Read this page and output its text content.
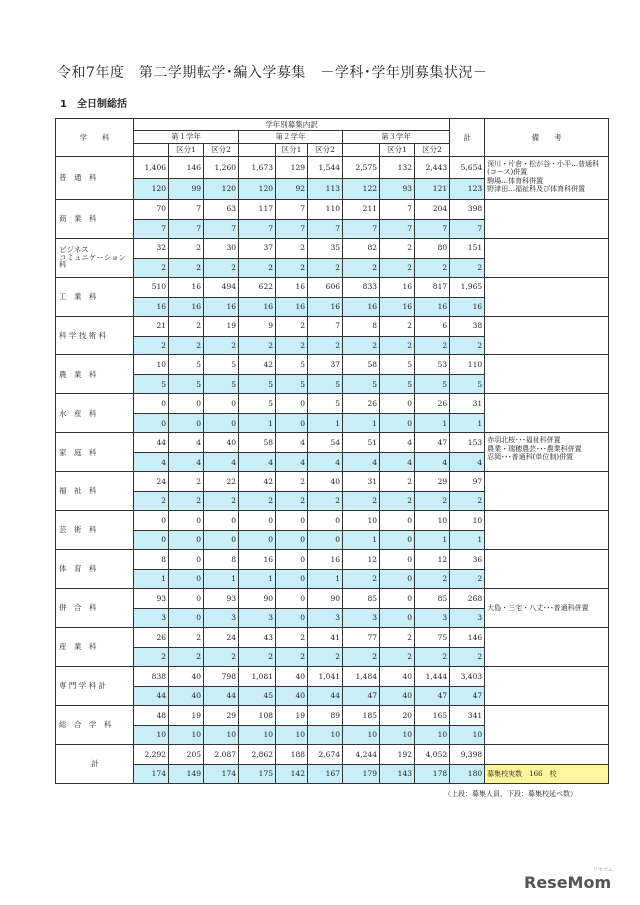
令和7年度　第二学期転学･編入学募集　－学科･学年別募集状況－
1　全日制総括
学　　科	学年別募集内訳									計	備　　考
	第１学年			第２学年			第３学年				
		区分1	区分2		区分1	区分2		区分1	区分2		
普　通　科	1,406	146	1,260	1,673	129	1,544	2,575	132	2,443	5,654	深川・片倉・松が谷・小平…普通科(コース)併置
駒場…体育科併置
野津田…福祉科及び体育科併置
	120	99	120	120	92	113	122	93	121	123	
商　業　科	70	7	63	117	7	110	211	7	204	398	
	7	7	7	7	7	7	7	7	7	7	
ビジネス
コミュニケーション科	32	2	30	37	2	35	82	2	80	151	
	2	2	2	2	2	2	2	2	2	2	
工　業　科	510	16	494	622	16	606	833	16	817	1,965	
	16	16	16	16	16	16	16	16	16	16	
科 学 技 術 科	21	2	19	9	2	7	8	2	6	38	
	2	2	2	2	2	2	2	2	2	2	
農　業　科	10	5	5	42	5	37	58	5	53	110	
	5	5	5	5	5	5	5	5	5	5	
水　産　科	0	0	0	5	0	5	26	0	26	31	
	0	0	0	1	0	1	1	0	1	1	
家　庭　科	44	4	40	58	4	54	51	4	47	153	赤羽北桜･･･福祉科併置
農業・瑞穂農芸･･･農業科併置
忍岡･･･普通科(単位制)併置
	4	4	4	4	4	4	4	4	4	4	
福　祉　科	24	2	22	42	2	40	31	2	29	97	
	2	2	2	2	2	2	2	2	2	2	
芸　術　科	0	0	0	0	0	0	10	0	10	10	
	0	0	0	0	0	0	1	0	1	1	
体　育　科	8	0	8	16	0	16	12	0	12	36	
	1	0	1	1	0	1	2	0	2	2	
併　合　科	93	0	93	90	0	90	85	0	85	268	大島・三宅・八丈･･･普通科併置
	3	0	3	3	0	3	3	0	3	3	
産　業　科	26	2	24	43	2	41	77	2	75	146	
	2	2	2	2	2	2	2	2	2	2	
専 門 学 科 計	838	40	798	1,081	40	1,041	1,484	40	1,444	3,403	
	44	40	44	45	40	44	47	40	47	47	
総　合　学　科	48	19	29	108	19	89	185	20	165	341	
	10	10	10	10	10	10	10	10	10	10	
計	2,292	205	2,087	2,862	188	2,674	4,244	192	4,052	9,398	
	174	149	174	175	142	167	179	143	178	180	募集校実数　166　校
（上段：募集人員、下段：募集校延べ数）
ReseMom
リセマム
